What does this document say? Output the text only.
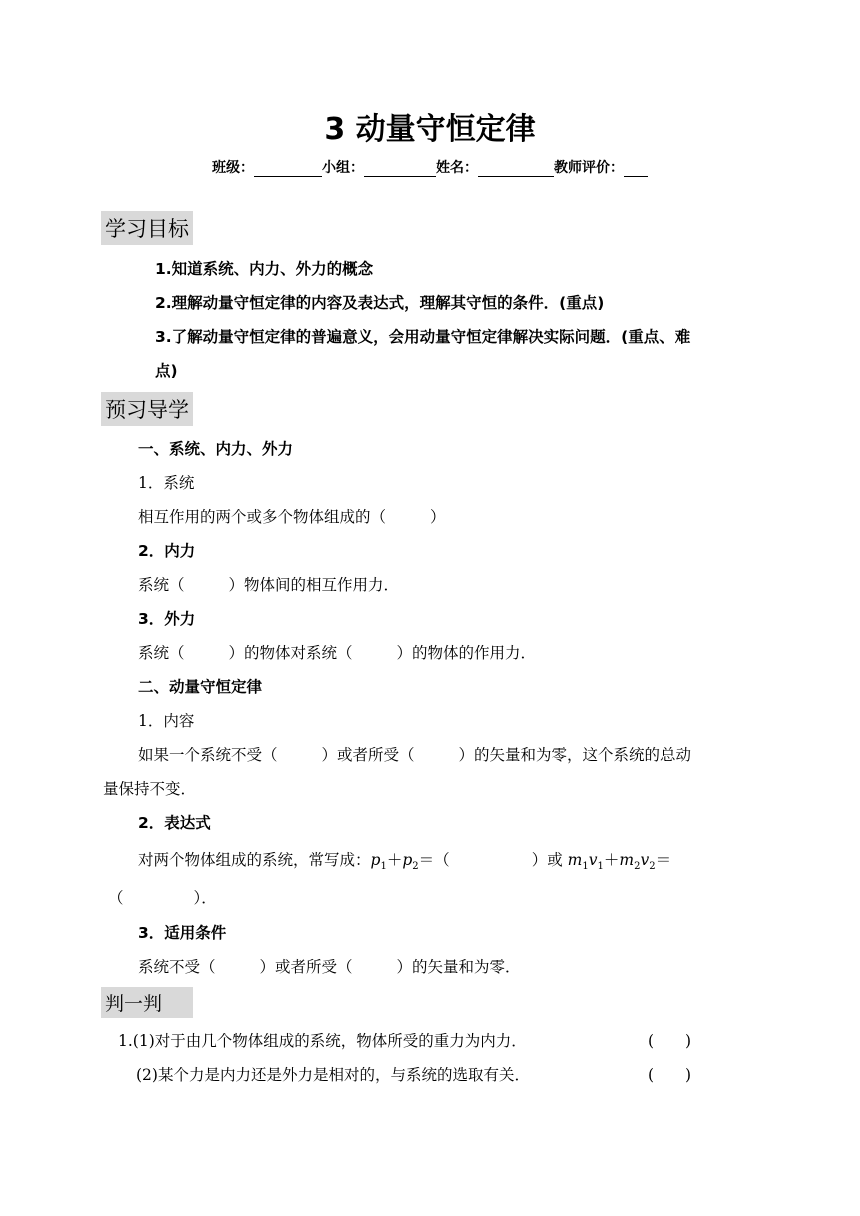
3 动量守恒定律
班级：	小组：	姓名：	教师评价：
学习目标
1.知道系统、内力、外力的概念
2.理解动量守恒定律的内容及表达式，理解其守恒的条件．(重点)
3.了解动量守恒定律的普遍意义，会用动量守恒定律解决实际问题．(重点、难
点)
预习导学
一、系统、内力、外力
1．系统
相互作用的两个或多个物体组成的（	）
2．内力
系统（	）物体间的相互作用力．
3．外力
系统（	）的物体对系统（	）的物体的作用力．
二、动量守恒定律
1．内容
如果一个系统不受（	）或者所受（	）的矢量和为零，这个系统的总动
量保持不变．
2．表达式
对两个物体组成的系统，常写成：$p_1+p_2=$（	）或 $m_1v_1+m_2v_2=$
（	）．
3．适用条件
系统不受（	）或者所受（	）的矢量和为零．
判一判
1.(1)对于由几个物体组成的系统，物体所受的重力为内力．	(　　)
(2)某个力是内力还是外力是相对的，与系统的选取有关．	(　　)
